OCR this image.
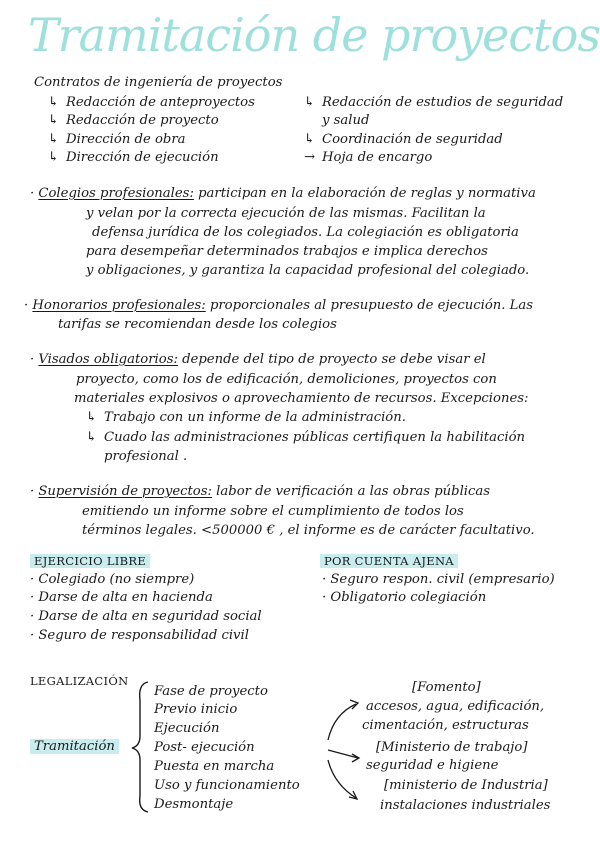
Tramitación de proyectos
Contratos de ingeniería de proyectos
↳ Redacción de anteproyectos
↳ Redacción de proyecto
↳ Dirección de obra
↳ Dirección de ejecución
↳ Redacción de estudios de seguridad
y salud
↳ Coordinación de seguridad
→ Hoja de encargo
· Colegios profesionales: participan en la elaboración de reglas y normativa
y velan por la correcta ejecución de las mismas. Facilitan la
defensa jurídica de los colegiados. La colegiación es obligatoria
para desempeñar determinados trabajos e implica derechos
y obligaciones, y garantiza la capacidad profesional del colegiado.
· Honorarios profesionales: proporcionales al presupuesto de ejecución. Las
tarifas se recomiendan desde los colegios
· Visados obligatorios: depende del tipo de proyecto se debe visar el
proyecto, como los de edificación, demoliciones, proyectos con
materiales explosivos o aprovechamiento de recursos. Excepciones:
↳ Trabajo con un informe de la administración.
↳ Cuado las administraciones públicas certifiquen la habilitación
profesional .
· Supervisión de proyectos: labor de verificación a las obras públicas
emitiendo un informe sobre el cumplimiento de todos los
términos legales. <500000 € , el informe es de carácter facultativo.
EJERCICIO LIBRE
· Colegiado (no siempre)
· Darse de alta en hacienda
· Darse de alta en seguridad social
· Seguro de responsabilidad civil
POR CUENTA AJENA
· Seguro respon. civil (empresario)
· Obligatorio colegiación
LEGALIZACIÓN
Tramitación
Fase de proyecto
Previo inicio
Ejecución
Post- ejecución
Puesta en marcha
Uso y funcionamiento
Desmontaje
[Fomento]
accesos, agua, edificación,
cimentación, estructuras
[Ministerio de trabajo]
seguridad e higiene
[ministerio de Industria]
instalaciones industriales
